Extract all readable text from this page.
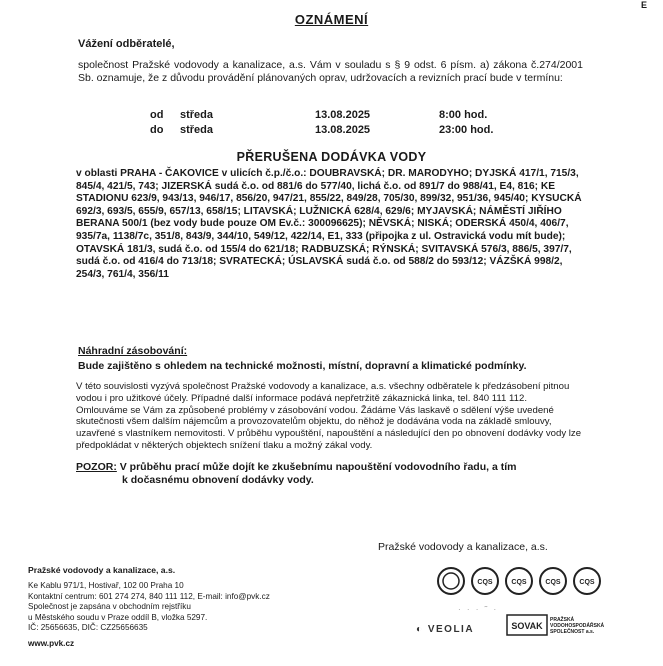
E
OZNÁMENÍ
Vážení odběratelé,
společnost Pražské vodovody a kanalizace, a.s. Vám v souladu s § 9 odst. 6 písm. a) zákona č.274/2001 Sb. oznamuje, že z důvodu provádění plánovaných oprav, udržovacích a revizních prací bude v termínu:
od	středa	13.08.2025	8:00 hod.
do	středa	13.08.2025	23:00 hod.
PŘERUŠENA DODÁVKA VODY
v oblasti PRAHA - ČAKOVICE v ulicích č.p./č.o.: DOUBRAVSKÁ; DR. MARODYHO; DYJSKÁ 417/1, 715/3, 845/4, 421/5, 743; JIZERSKÁ sudá č.o. od 881/6 do 577/40, lichá č.o. od 891/7 do 988/41, E4, 816; KE STADIONU 623/9, 943/13, 946/17, 856/20, 947/21, 855/22, 849/28, 705/30, 899/32, 951/36, 945/40; KYSUCKÁ 692/3, 693/5, 655/9, 657/13, 658/15; LITAVSKÁ; LUŽNICKÁ 628/4, 629/6; MYJAVSKÁ; NÁMĚSTÍ JIŘÍHO BERANA 500/1 (bez vody bude pouze OM Ev.č.: 300096625); NĚVSKÁ; NISKÁ; ODERSKÁ 450/4, 406/7, 935/7a, 1138/7c, 351/8, 843/9, 344/10, 549/12, 422/14, E1, 333 (připojka z ul. Ostravická vodu mít bude); OTAVSKÁ 181/3, sudá č.o. od 155/4 do 621/18; RADBUZSKÁ; RÝNSKÁ; SVITAVSKÁ 576/3, 886/5, 397/7, sudá č.o. od 416/4 do 713/18; SVRATECKÁ; ÚSLAVSKÁ sudá č.o. od 588/2 do 593/12; VÁZŠKÁ 998/2, 254/3, 761/4, 356/11
Náhradní zásobování:
Bude zajištěno s ohledem na technické možnosti, místní, dopravní a klimatické podmínky.

V této souvislosti vyzývá společnost Pražské vodovody a kanalizace, a.s. všechny odběratele k předzásobení pitnou vodou i pro užitkové účely. Případné další informace podává nepřetržitě zákaznická linka, tel. 840 111 112.

Omlouváme se Vám za způsobené problémy v zásobování vodou. Žádáme Vás laskavě o sdělení výše uvedené skutečnosti všem dalším nájemcům a provozovatelům objektu, do něhož je dodávána voda na základě smlouvy, uzavřené s vlastníkem nemovitosti. V průběhu vypouštění, napouštění a následující den po obnovení dodávky vody lze předpokládat v některých objektech snížení tlaku a možný zákal vody.

POZOR: V průběhu prací může dojít ke zkušebnímu napouštění vodovodního řadu, a tím
k dočasnému obnovení dodávky vody.
Pražské vodovody a kanalizace, a.s.
Pražské vodovody a kanalizace, a.s.
Ke Kablu 971/1, Hostivař, 102 00 Praha 10
Kontaktní centrum: 601 274 274, 840 111 112, E-mail: info@pvk.cz
Společnost je zapsána v obchodním rejstříku
u Městského soudu v Praze oddíl B, vložka 5297.
IČ: 25656635, DIČ: CZ25656635
www.pvk.cz
CQS	CQS	CQS	CQS
· · · ˜ ·
◐ VEOLIA	SOVAK
PRAŽSKÁ VODOHOSPODÁŘSKÁ SPOLEČNOST a.s.
